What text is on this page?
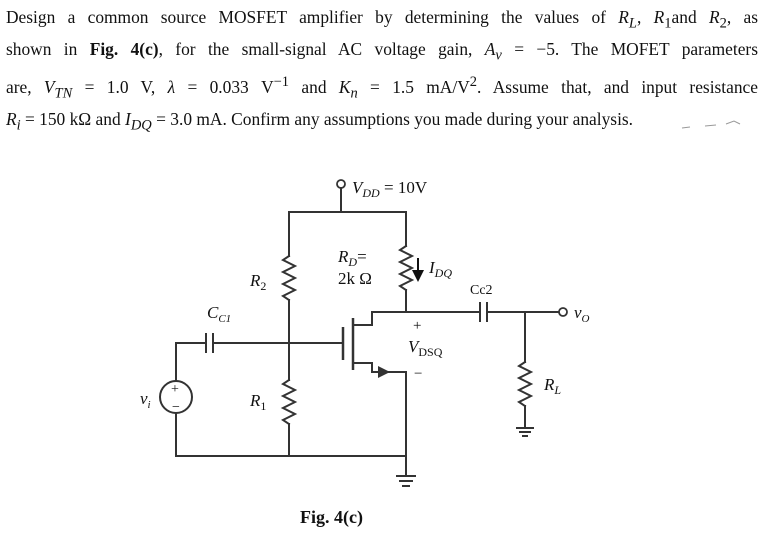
Design a common source MOSFET amplifier by determining the values of $R_L$, $R_1and$ $R_2$, as
shown in Fig. 4(c), for the small-signal AC voltage gain, $A_v = -5$. The MOFET parameters
are, $V_{TN} = 1.0$ V, λ = 0.033 $V^{-1}$ and $K_n = 1.5$ $mA/V^2$. Assume that, and input resistance
$R_i = 150$ kΩ and $I_{DQ} = 3.0$ mA. Confirm any assumptions you made during your analysis.
$V_{DD} = 10V$
$R_D=$
2k Ω
$I_{DQ}$
$R_2$
$C_{C1}$
$R_1$
Cc2
$v_O$
+
$V_{DSQ}$
−
$R_L$
+
−
$v_i$
Fig. 4(c)
